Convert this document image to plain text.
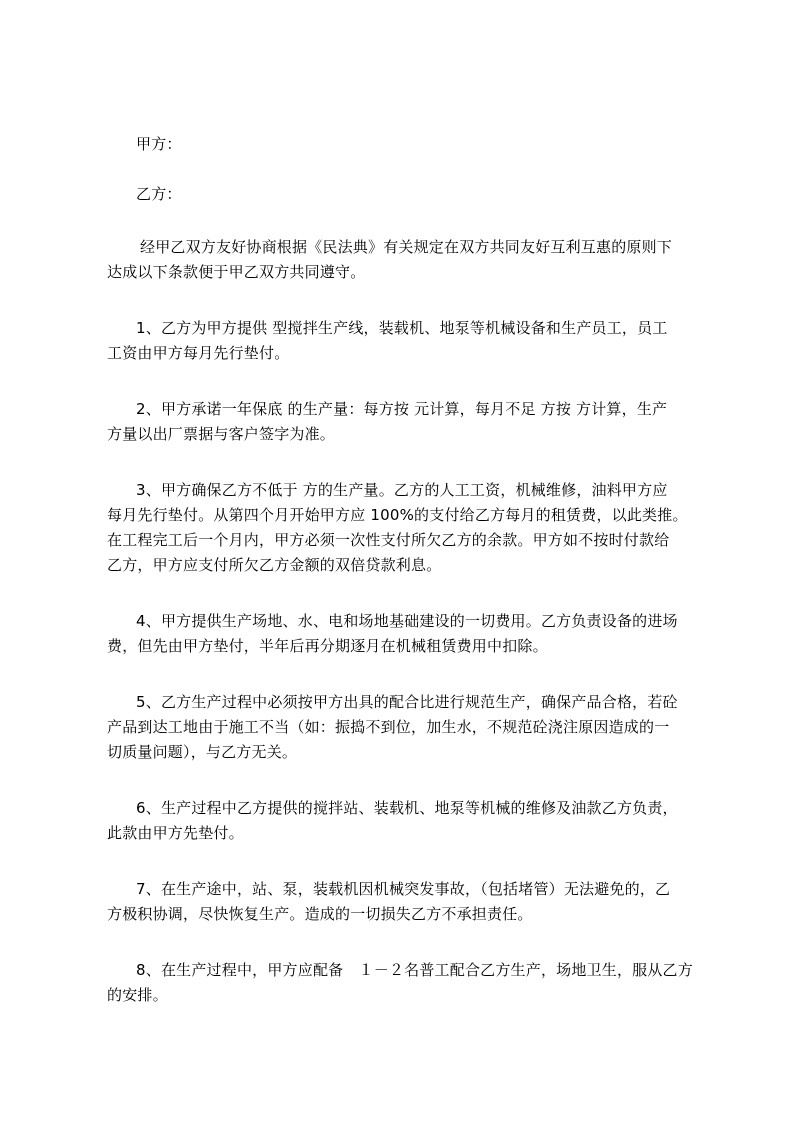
甲方：
乙方：
经甲乙双方友好协商根据《民法典》有关规定在双方共同友好互利互惠的原则下
达成以下条款便于甲乙双方共同遵守。
1、乙方为甲方提供 型搅拌生产线，装载机、地泵等机械设备和生产员工，员工
工资由甲方每月先行垫付。
2、甲方承诺一年保底 的生产量：每方按 元计算，每月不足 方按 方计算，生产
方量以出厂票据与客户签字为准。
3、甲方确保乙方不低于 方的生产量。乙方的人工工资，机械维修，油料甲方应
每月先行垫付。从第四个月开始甲方应 100%的支付给乙方每月的租赁费，以此类推。
在工程完工后一个月内，甲方必须一次性支付所欠乙方的余款。甲方如不按时付款给
乙方，甲方应支付所欠乙方金额的双倍贷款利息。
4、甲方提供生产场地、水、电和场地基础建设的一切费用。乙方负责设备的进场
费，但先由甲方垫付，半年后再分期逐月在机械租赁费用中扣除。
5、乙方生产过程中必须按甲方出具的配合比进行规范生产，确保产品合格，若砼
产品到达工地由于施工不当（如：振捣不到位，加生水，不规范砼浇注原因造成的一
切质量问题），与乙方无关。
6、生产过程中乙方提供的搅拌站、装载机、地泵等机械的维修及油款乙方负责，
此款由甲方先垫付。
7、在生产途中，站、泵，装载机因机械突发事故，（包括堵管）无法避免的，乙
方极积协调，尽快恢复生产。造成的一切损失乙方不承担责任。
8、在生产过程中，甲方应配备　１－２名普工配合乙方生产，场地卫生，服从乙方
的安排。
